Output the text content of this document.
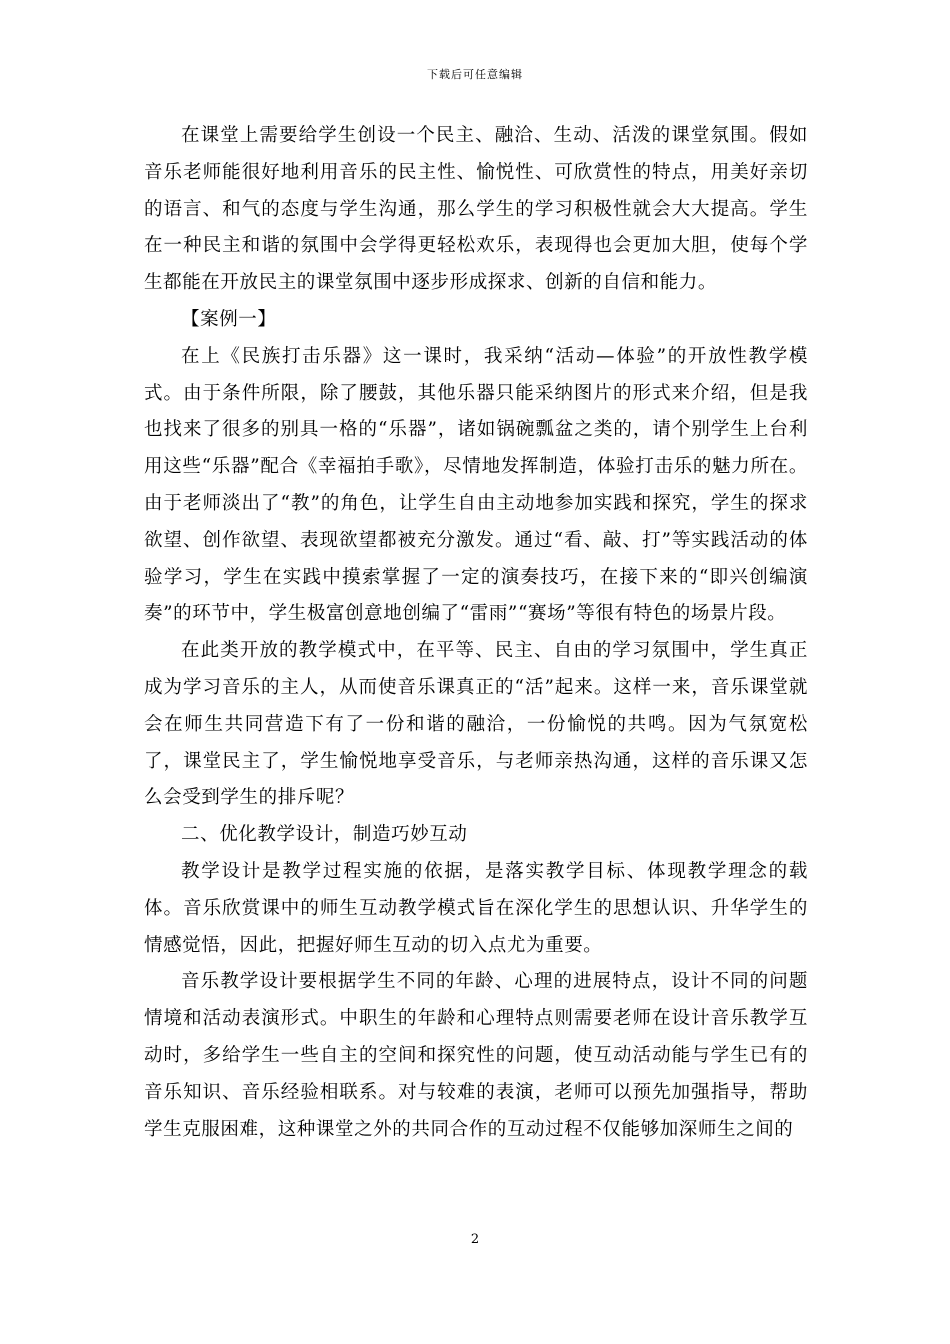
下载后可任意编辑

在课堂上需要给学生创设一个民主、融洽、生动、活泼的课堂氛围。假如音乐老师能很好地利用音乐的民主性、愉悦性、可欣赏性的特点，用美好亲切的语言、和气的态度与学生沟通，那么学生的学习积极性就会大大提高。学生在一种民主和谐的氛围中会学得更轻松欢乐，表现得也会更加大胆，使每个学生都能在开放民主的课堂氛围中逐步形成探求、创新的自信和能力。

【案例一】

在上《民族打击乐器》这一课时，我采纳“活动—体验”的开放性教学模式。由于条件所限，除了腰鼓，其他乐器只能采纳图片的形式来介绍，但是我也找来了很多的别具一格的“乐器”，诸如锅碗瓢盆之类的，请个别学生上台利用这些“乐器”配合《幸福拍手歌》，尽情地发挥制造，体验打击乐的魅力所在。由于老师淡出了“教”的角色，让学生自由主动地参加实践和探究，学生的探求欲望、创作欲望、表现欲望都被充分激发。通过“看、敲、打”等实践活动的体验学习，学生在实践中摸索掌握了一定的演奏技巧，在接下来的“即兴创编演奏”的环节中，学生极富创意地创编了“雷雨”“赛场”等很有特色的场景片段。

在此类开放的教学模式中，在平等、民主、自由的学习氛围中，学生真正成为学习音乐的主人，从而使音乐课真正的“活”起来。这样一来，音乐课堂就会在师生共同营造下有了一份和谐的融洽，一份愉悦的共鸣。因为气氛宽松了，课堂民主了，学生愉悦地享受音乐，与老师亲热沟通，这样的音乐课又怎么会受到学生的排斥呢？

二、优化教学设计，制造巧妙互动

教学设计是教学过程实施的依据，是落实教学目标、体现教学理念的载体。音乐欣赏课中的师生互动教学模式旨在深化学生的思想认识、升华学生的情感觉悟，因此，把握好师生互动的切入点尤为重要。

音乐教学设计要根据学生不同的年龄、心理的进展特点，设计不同的问题情境和活动表演形式。中职生的年龄和心理特点则需要老师在设计音乐教学互动时，多给学生一些自主的空间和探究性的问题，使互动活动能与学生已有的音乐知识、音乐经验相联系。对与较难的表演，老师可以预先加强指导，帮助学生克服困难，这种课堂之外的共同合作的互动过程不仅能够加深师生之间的

2
